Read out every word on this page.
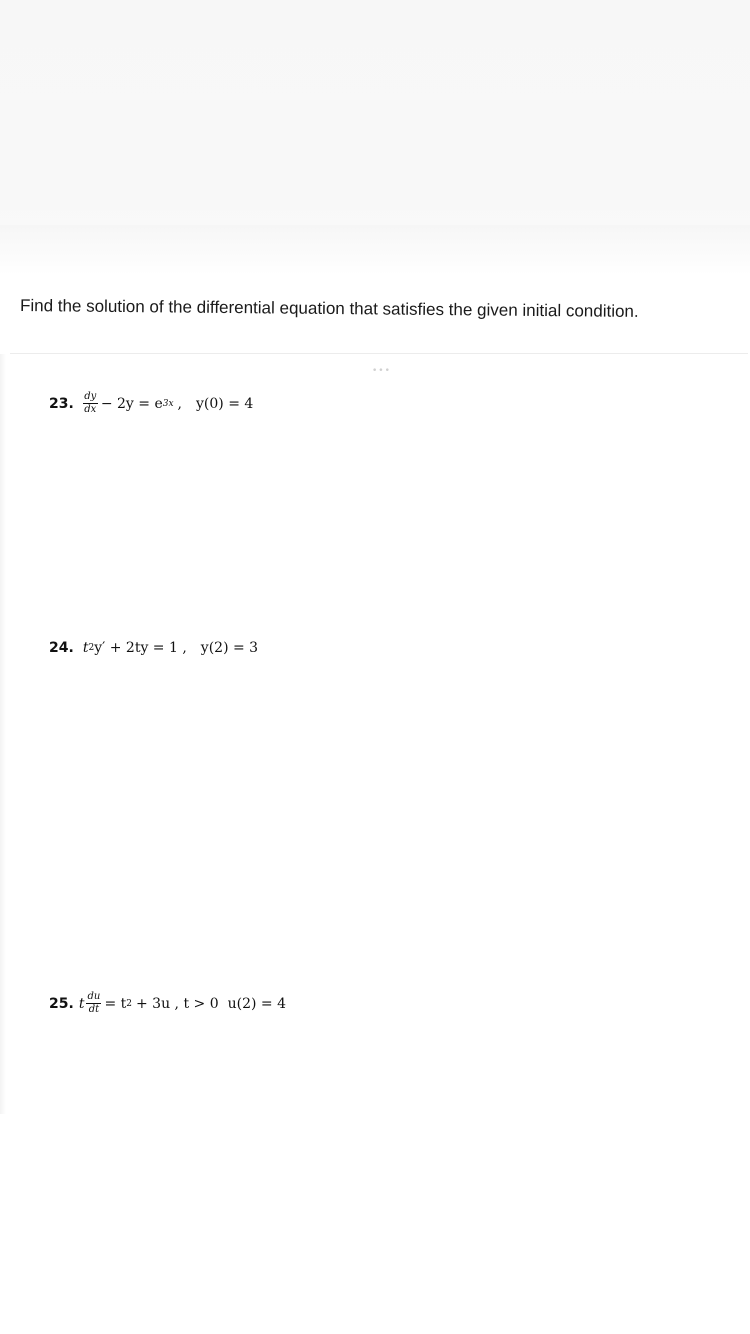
Find the solution of the differential equation that satisfies the given initial condition.
•••
23. $\frac{dy}{dx} - 2y = e$ 3x , y(0) = 4
24. t 2 y′ + 2ty = 1 , y(2) = 3
25. t $\frac{du}{dt} = t$ 2 + 3u , t > 0 u(2) = 4
